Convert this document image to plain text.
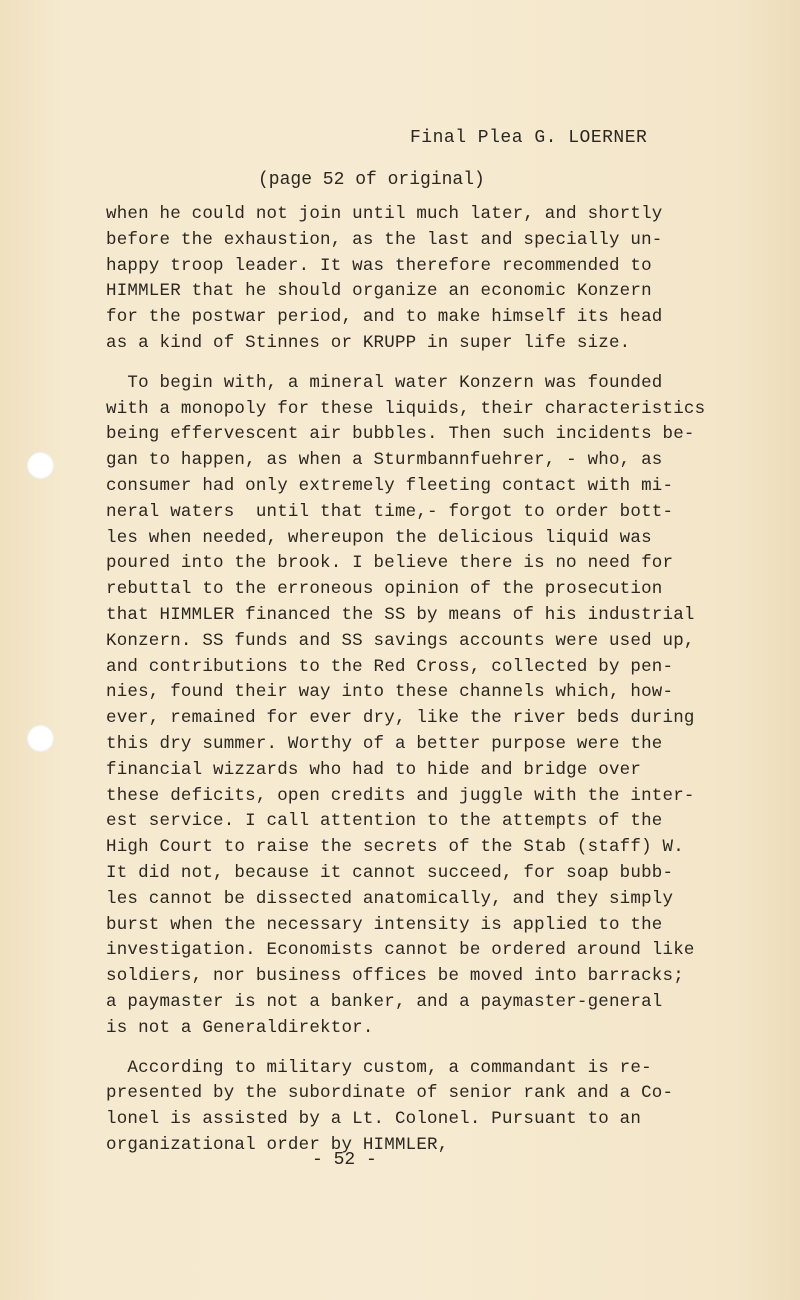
Final Plea G. LOERNER
(page 52 of original)
when he could not join until much later, and shortly
before the exhaustion, as the last and specially un-
happy troop leader. It was therefore recommended to
HIMMLER that he should organize an economic Konzern
for the postwar period, and to make himself its head
as a kind of Stinnes or KRUPP in super life size.
To begin with, a mineral water Konzern was founded
with a monopoly for these liquids, their characteristics
being effervescent air bubbles. Then such incidents be-
gan to happen, as when a Sturmbannfuehrer, - who, as
consumer had only extremely fleeting contact with mi-
neral waters  until that time,- forgot to order bott-
les when needed, whereupon the delicious liquid was
poured into the brook. I believe there is no need for
rebuttal to the erroneous opinion of the prosecution
that HIMMLER financed the SS by means of his industrial
Konzern. SS funds and SS savings accounts were used up,
and contributions to the Red Cross, collected by pen-
nies, found their way into these channels which, how-
ever, remained for ever dry, like the river beds during
this dry summer. Worthy of a better purpose were the
financial wizzards who had to hide and bridge over
these deficits, open credits and juggle with the inter-
est service. I call attention to the attempts of the
High Court to raise the secrets of the Stab (staff) W.
It did not, because it cannot succeed, for soap bubb-
les cannot be dissected anatomically, and they simply
burst when the necessary intensity is applied to the
investigation. Economists cannot be ordered around like
soldiers, nor business offices be moved into barracks;
a paymaster is not a banker, and a paymaster-general
is not a Generaldirektor.
According to military custom, a commandant is re-
presented by the subordinate of senior rank and a Co-
lonel is assisted by a Lt. Colonel. Pursuant to an
organizational order by HIMMLER,
- 52 -
